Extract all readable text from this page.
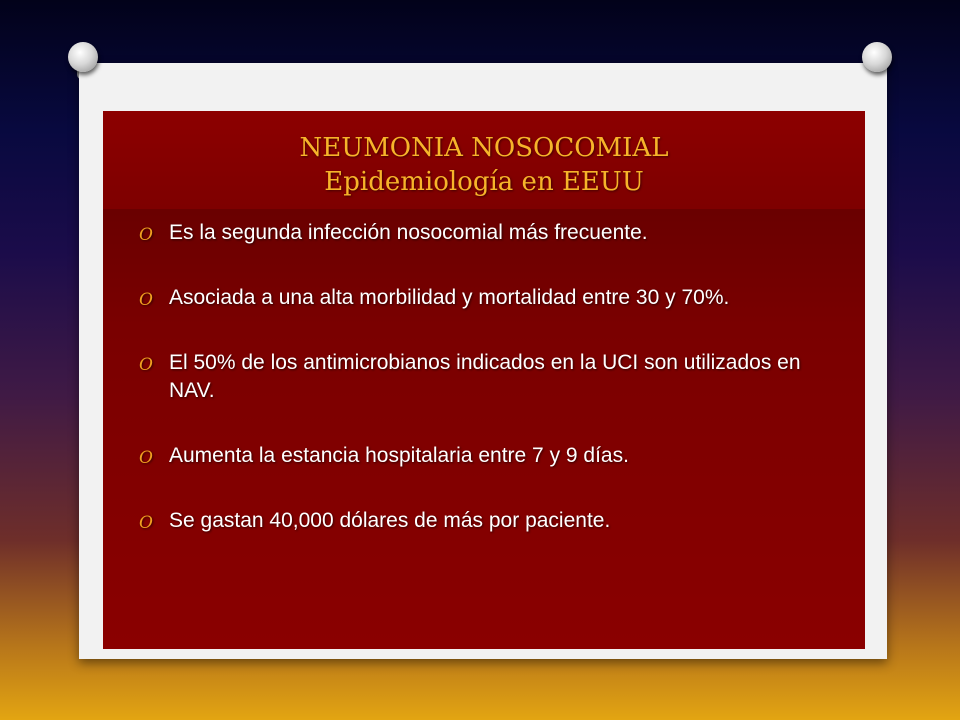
NEUMONIA NOSOCOMIAL
Epidemiología en EEUU
O Es la segunda infección nosocomial más frecuente.
O Asociada a una alta morbilidad y mortalidad entre 30 y 70%.
O El 50% de los antimicrobianos indicados en la UCI son utilizados en NAV.
O Aumenta la estancia hospitalaria entre 7 y 9 días.
O Se gastan 40,000 dólares de más por paciente.
